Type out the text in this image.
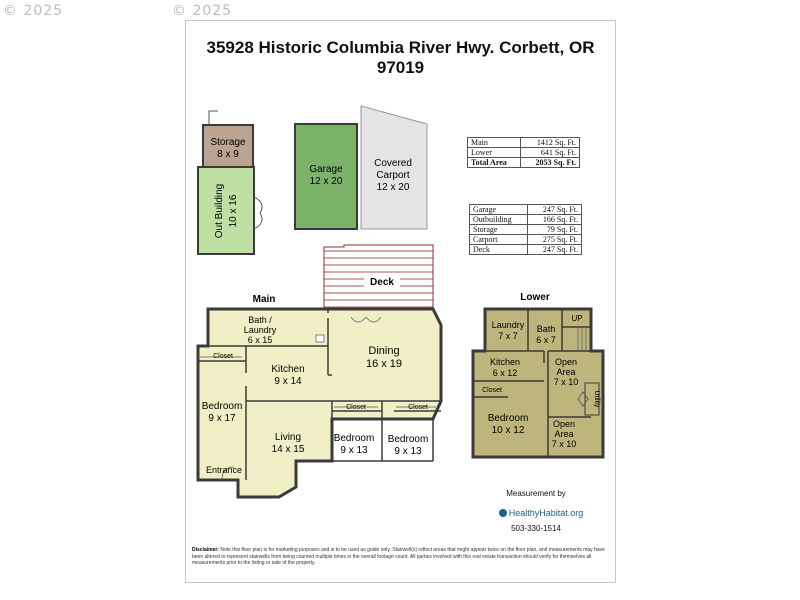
© 2025	© 2025
35928 Historic Columbia River Hwy. Corbett, OR 97019
Storage
8 x 9
Out Building 10 x 16
Garage
12 x 20
Covered
Carport
12 x 20
Main
Deck
Bath /
Laundry
6 x 15
Dining
16 x 19
Kitchen
9 x 14
Closet
Bedroom
9 x 17
Living
14 x 15
Closet
Bedroom
9 x 13
Closet
Bedroom
9 x 13
Entrance
Lower
Laundry
7 x 7
Bath
6 x 7
UP
Kitchen
6 x 12
Open
Area
7 x 10
Closet
Bedroom
10 x 12
Utility
Open
Area
7 x 10
Main	1412 Sq. Ft.
Lower	641 Sq. Ft.
Total Area	2053 Sq. Ft.
Garage	247 Sq. Ft.
Outbuilding	166 Sq. Ft.
Storage	79 Sq. Ft.
Carport	275 Sq. Ft.
Deck	247 Sq. Ft.
Measurement by
HealthyHabitat.org
503-330-1514
Disclaimer: Note this floor plan is for marketing purposes and is to be used as guide only. Stairwell(s) reflect areas that might appear twice on the floor plan, and measurements may have been altered to represent stairwells from being counted multiple times in the overall footage count. All parties involved with this real estate transaction should verify for themselves all measurements prior to the listing or sale of the property.
